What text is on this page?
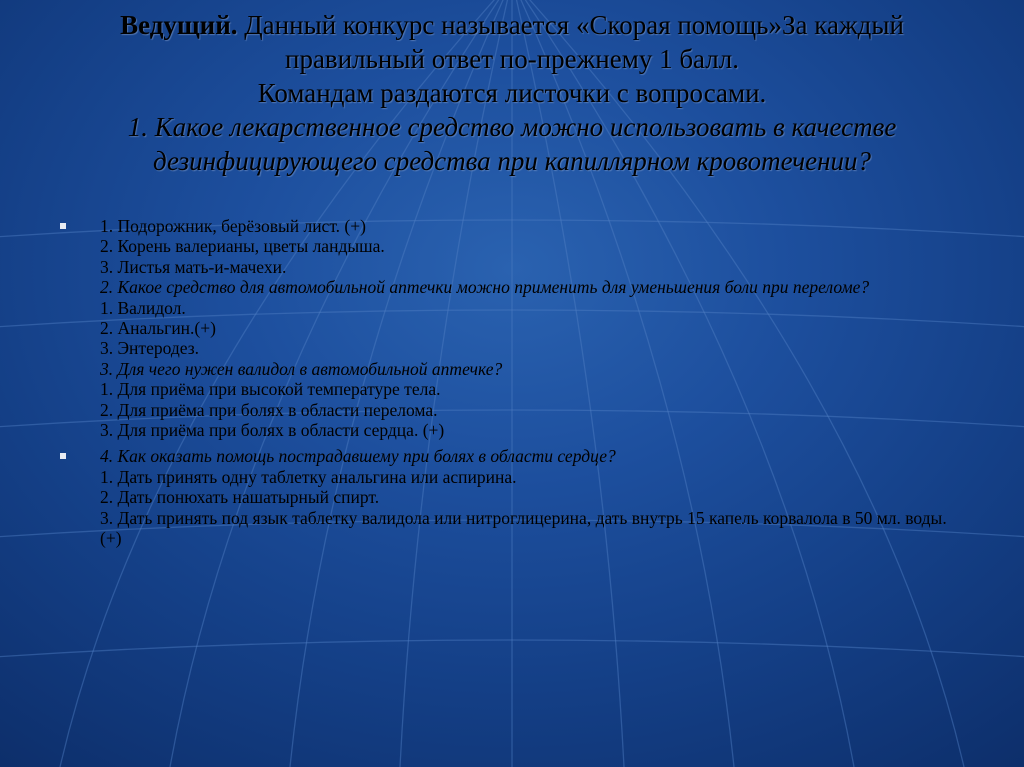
Ведущий. Данный конкурс называется «Скорая помощь»За каждый
правильный ответ по-прежнему 1 балл.
Командам раздаются листочки с вопросами.
1. Какое лекарственное средство можно использовать в качестве дезинфицирующего средства при капиллярном кровотечении?
1. Подорожник, берёзовый лист. (+)
2. Корень валерианы, цветы ландыша.
3. Листья мать-и-мачехи.
2. Какое средство для автомобильной аптечки можно применить для уменьшения боли при переломе?
1. Валидол.
2. Анальгин.(+)
3. Энтеродез.
3. Для чего нужен валидол в автомобильной аптечке?
1. Для приёма при высокой температуре тела.
2. Для приёма при болях в области перелома.
3. Для приёма при болях в области сердца. (+)
4. Как оказать помощь пострадавшему при болях в области сердце?
1. Дать принять одну таблетку анальгина или аспирина.
2. Дать понюхать нашатырный спирт.
3. Дать принять под язык таблетку валидола или нитроглицерина, дать внутрь 15 капель корвалола в 50 мл. воды.(+)
